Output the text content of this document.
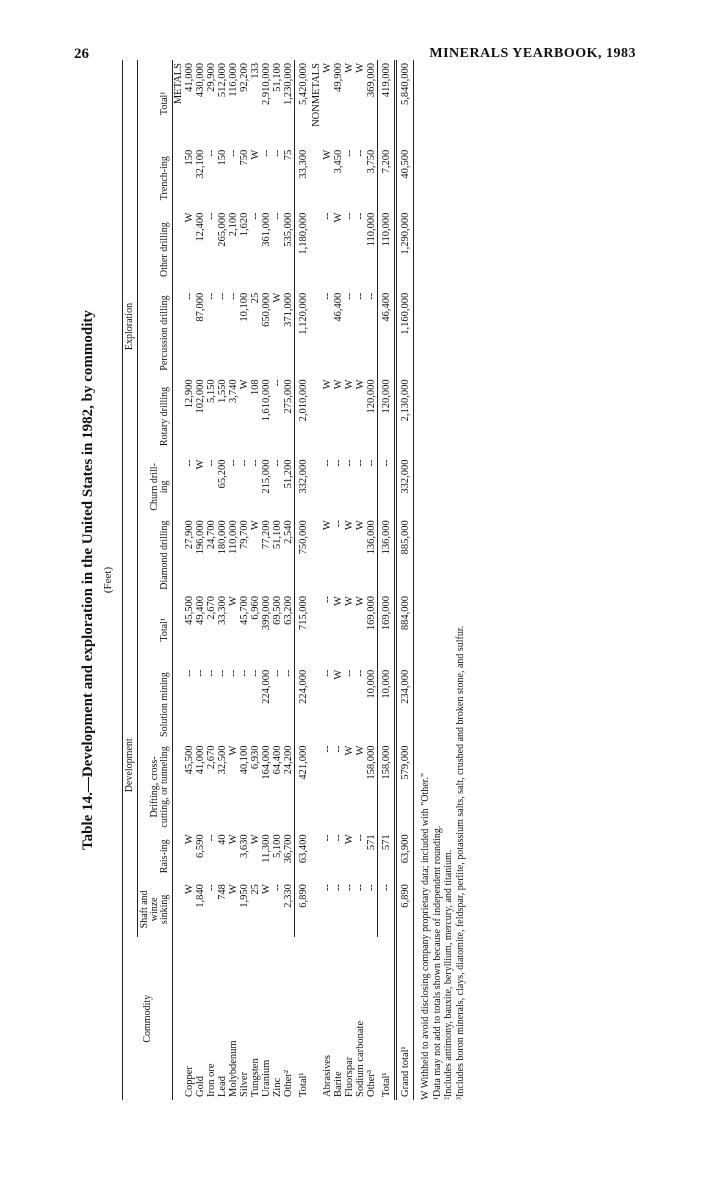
26	MINERALS YEARBOOK, 1983
Table 14.—Development and exploration in the United States in 1982, by commodity (Feet)
Commodity	Development					Exploration						
	Shaft and winze sinking	Rais-ing	Drifting, cross-cutting, or tunneling	Solution mining	Total¹	Diamond drilling	Churn drill-ing	Rotary drilling	Percussion drilling	Other drilling	Trench-ing	Total¹
METALS												
Copper	W	W	45,500	--	45,500	27,900	--	12,900	--	W	150	41,000
Gold	1,840	6,590	41,000	--	49,400	196,000	W	102,000	87,000	12,400	32,100	430,000
Iron ore	--	--	2,670	--	2,670	24,700	--	5,150	--	--	--	29,900
Lead	748	40	32,500	--	33,300	180,000	65,200	1,550	--	265,000	150	512,000
Molybdenum	W	W	W	--	W	110,000	--	3,740	--	2,100	--	116,000
Silver	1,950	3,630	40,100	--	45,700	79,700	--	W	10,100	1,620	750	92,200
Tungsten	25	W	6,930	--	6,960	W	--	108	25	--	W	133
Uranium	W	11,300	164,000	224,000	399,000	77,200	215,000	1,610,000	650,000	361,000	--	2,910,000
Zinc	--	5,100	64,400	--	69,500	51,100	--	--	W	--	--	51,100
Other²	2,330	36,700	24,200	--	63,200	2,540	51,200	275,000	371,000	535,000	75	1,230,000
Total¹	6,890	63,400	421,000	224,000	715,000	750,000	332,000	2,010,000	1,120,000	1,180,000	33,300	5,420,000
NONMETALS												
Abrasives	--	--	--	--	--	W	--	W	--	--	W	W
Barite	--	--	--	W	W	--	--	W	46,400	W	3,450	49,900
Fluorspar	--	W	W	--	W	W	--	W	--	--	--	W
Sodium carbonate	--	--	W	--	W	W	--	W	--	--	--	W
Other³	--	571	158,000	10,000	169,000	136,000	--	120,000	--	110,000	3,750	369,000
Total¹	--	571	158,000	10,000	169,000	136,000	--	120,000	46,400	110,000	7,200	419,000
Grand total¹	6,890	63,900	579,000	234,000	884,000	885,000	332,000	2,130,000	1,160,000	1,290,000	40,500	5,840,000
W Withheld to avoid disclosing company proprietary data; included with "Other." ¹Data may not add to totals shown because of independent rounding. ²Includes antimony, bauxite, beryllium, mercury, and titanium. ³Includes boron minerals, clays, diatomite, feldspar, perlite, potassium salts, salt, crushed and broken stone, and sulfur.
